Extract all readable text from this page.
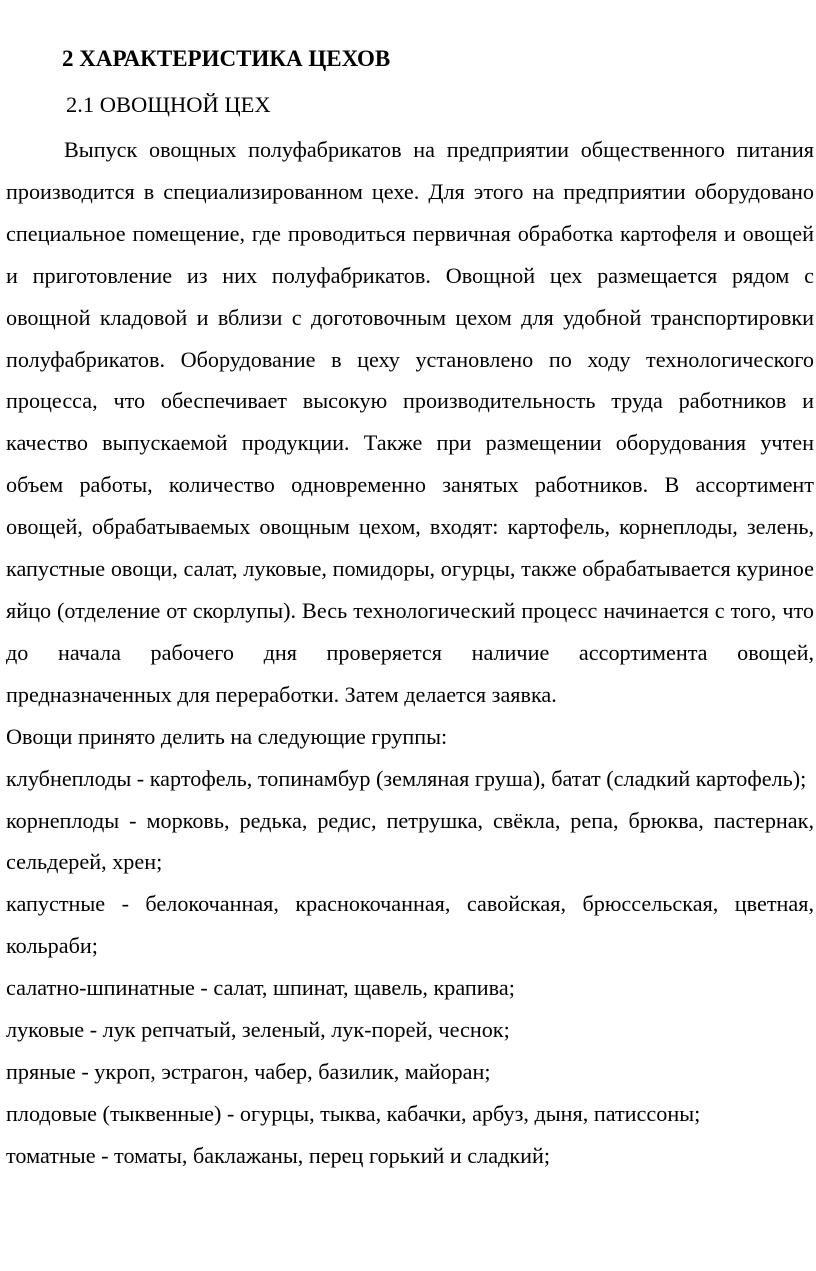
2 ХАРАКТЕРИСТИКА ЦЕХОВ
2.1 ОВОЩНОЙ ЦЕХ

Выпуск овощных полуфабрикатов на предприятии общественного питания производится в специализированном цехе. Для этого на предприятии оборудовано специальное помещение, где проводиться первичная обработка картофеля и овощей и приготовление из них полуфабрикатов. Овощной цех размещается рядом с овощной кладовой и вблизи с доготовочным цехом для удобной транспортировки полуфабрикатов. Оборудование в цеху установлено по ходу технологического процесса, что обеспечивает высокую производительность труда работников и качество выпускаемой продукции. Также при размещении оборудования учтен объем работы, количество одновременно занятых работников. В ассортимент овощей, обрабатываемых овощным цехом, входят: картофель, корнеплоды, зелень, капустные овощи, салат, луковые, помидоры, огурцы, также обрабатывается куриное яйцо (отделение от скорлупы). Весь технологический процесс начинается с того, что до начала рабочего дня проверяется наличие ассортимента овощей, предназначенных для переработки. Затем делается заявка.

Овощи принято делить на следующие группы:

клубнеплоды - картофель, топинамбур (земляная груша), батат (сладкий картофель);

корнеплоды - морковь, редька, редис, петрушка, свёкла, репа, брюква, пастернак, сельдерей, хрен;

капустные - белокочанная, краснокочанная, савойская, брюссельская, цветная, кольраби;

салатно-шпинатные - салат, шпинат, щавель, крапива;

луковые - лук репчатый, зеленый, лук-порей, чеснок;

пряные - укроп, эстрагон, чабер, базилик, майоран;

плодовые (тыквенные) - огурцы, тыква, кабачки, арбуз, дыня, патиссоны;

томатные - томаты, баклажаны, перец горький и сладкий;
